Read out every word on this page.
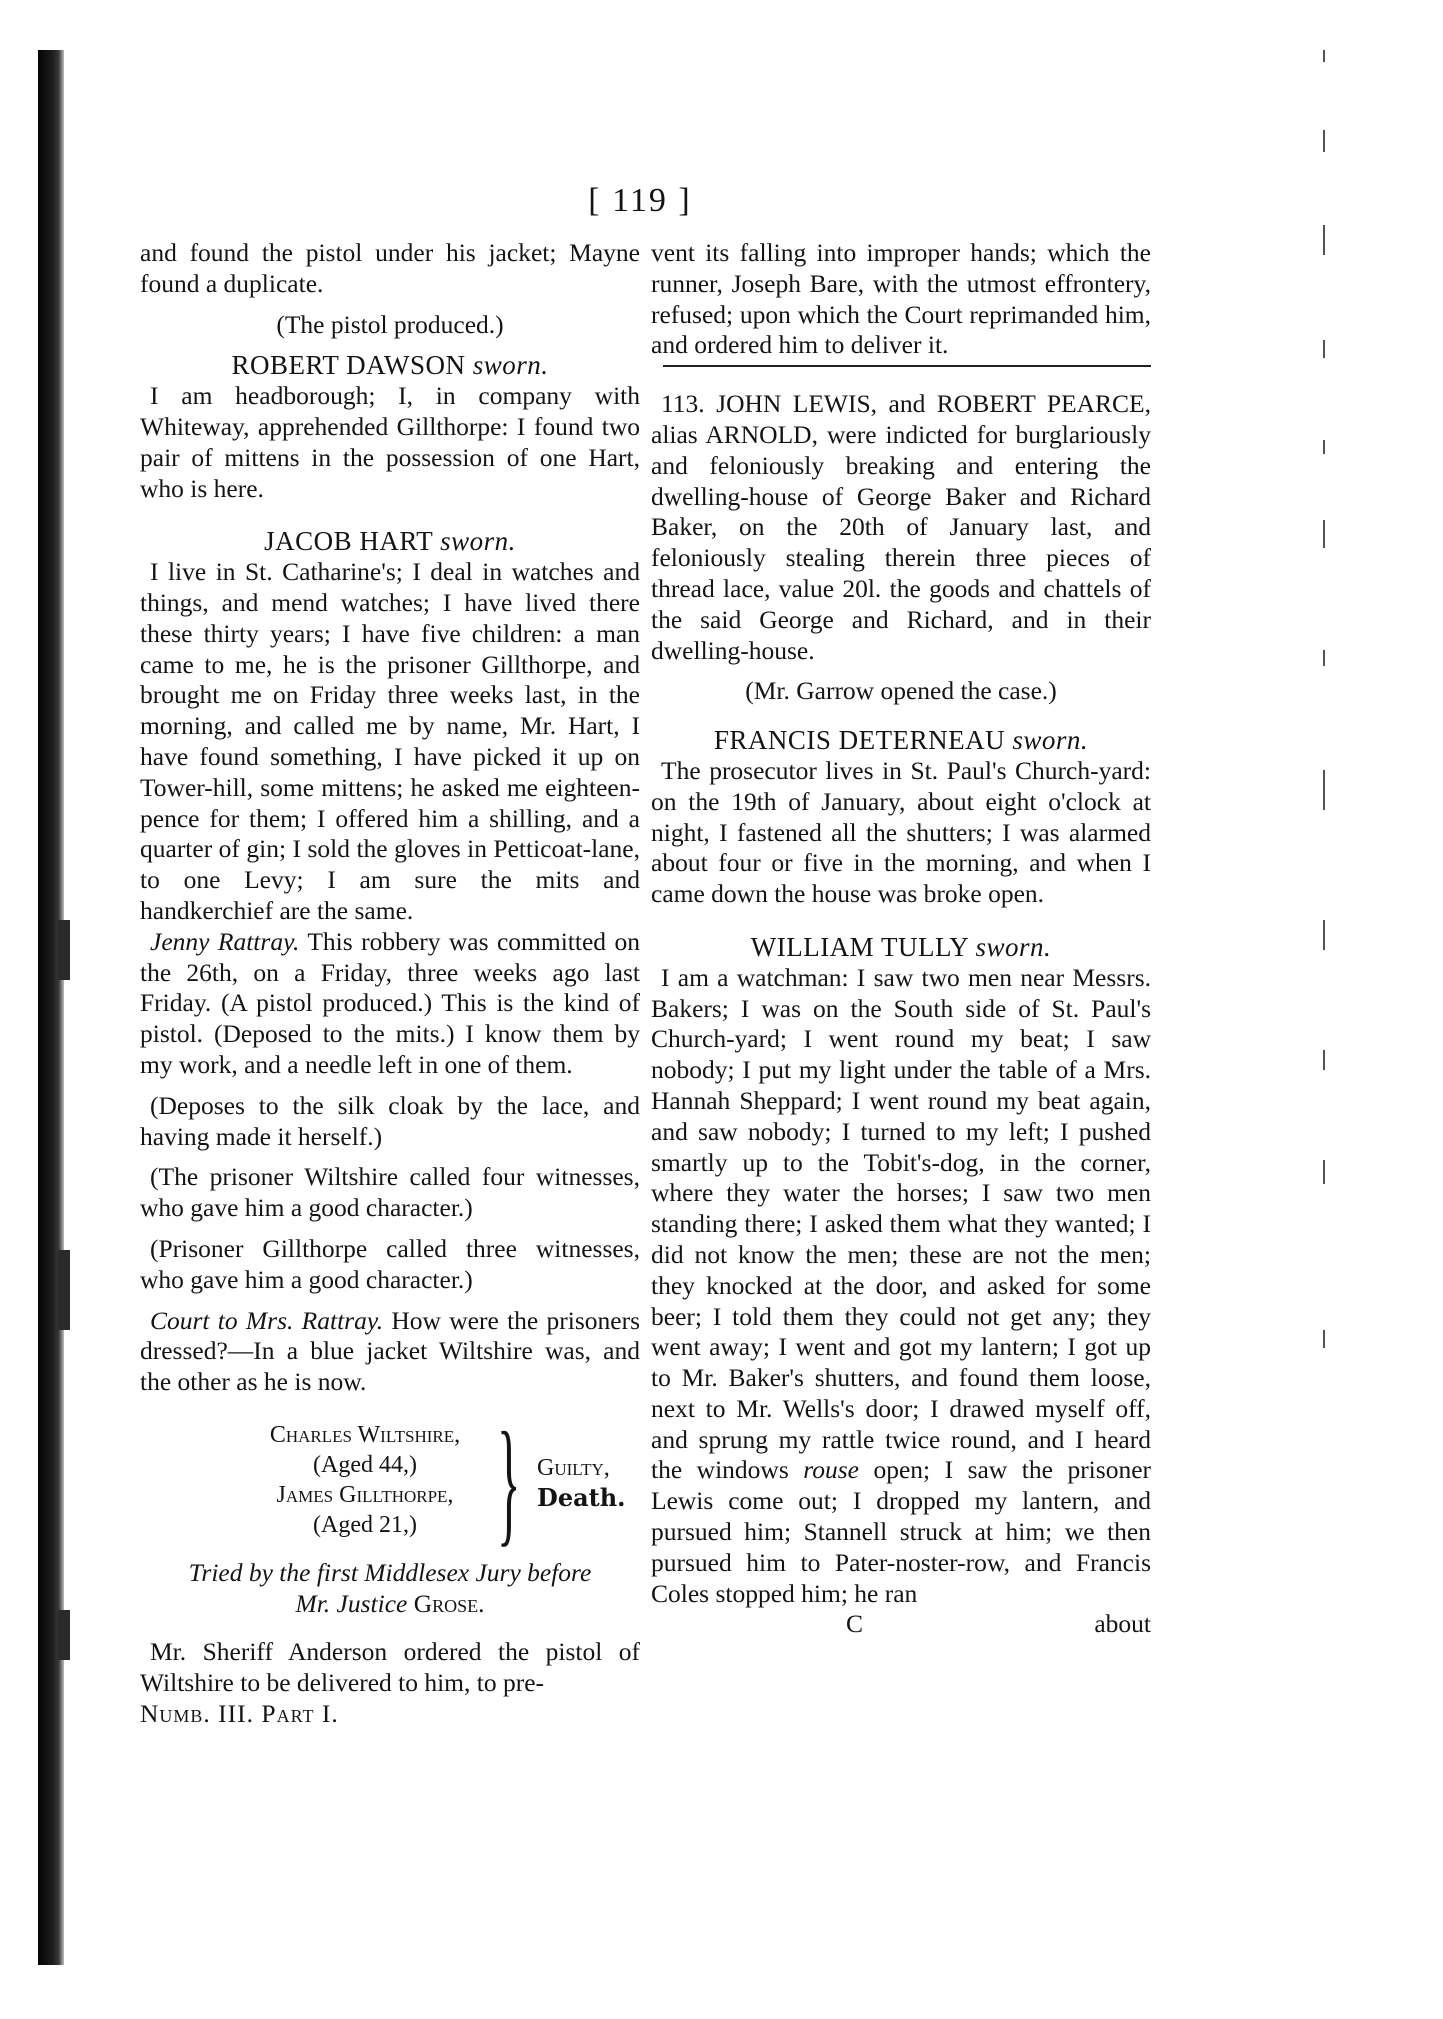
[ 119 ]

and found the pistol under his jacket; Mayne found a duplicate.

(The pistol produced.)

ROBERT DAWSON sworn.

I am headborough; I, in company with Whiteway, apprehended Gillthorpe: I found two pair of mittens in the possession of one Hart, who is here.

JACOB HART sworn.

I live in St. Catharine's; I deal in watches and things, and mend watches; I have lived there these thirty years; I have five children: a man came to me, he is the prisoner Gillthorpe, and brought me on Friday three weeks last, in the morning, and called me by name, Mr. Hart, I have found something, I have picked it up on Tower-hill, some mittens; he asked me eighteen-pence for them; I offered him a shilling, and a quarter of gin; I sold the gloves in Petticoat-lane, to one Levy; I am sure the mits and handkerchief are the same.

Jenny Rattray. This robbery was committed on the 26th, on a Friday, three weeks ago last Friday. (A pistol produced.) This is the kind of pistol. (Deposed to the mits.) I know them by my work, and a needle left in one of them.

(Deposes to the silk cloak by the lace, and having made it herself.)

(The prisoner Wiltshire called four witnesses, who gave him a good character.)

(Prisoner Gillthorpe called three witnesses, who gave him a good character.)

Court to Mrs. Rattray. How were the prisoners dressed?—In a blue jacket Wiltshire was, and the other as he is now.

Charles Wiltshire,
(Aged 44,)
James Gillthorpe,
(Aged 21,) } Guilty,
Death.

Tried by the first Middlesex Jury before

Mr. Justice Grose.

Mr. Sheriff Anderson ordered the pistol of Wiltshire to be delivered to him, to pre-

Numb. III. Part I.

vent its falling into improper hands; which the runner, Joseph Bare, with the utmost effrontery, refused; upon which the Court reprimanded him, and ordered him to deliver it.

113. JOHN LEWIS, and ROBERT PEARCE, alias ARNOLD, were indicted for burglariously and feloniously breaking and entering the dwelling-house of George Baker and Richard Baker, on the 20th of January last, and feloniously stealing therein three pieces of thread lace, value 20l. the goods and chattels of the said George and Richard, and in their dwelling-house.

(Mr. Garrow opened the case.)

FRANCIS DETERNEAU sworn.

The prosecutor lives in St. Paul's Church-yard: on the 19th of January, about eight o'clock at night, I fastened all the shutters; I was alarmed about four or five in the morning, and when I came down the house was broke open.

WILLIAM TULLY sworn.

I am a watchman: I saw two men near Messrs. Bakers; I was on the South side of St. Paul's Church-yard; I went round my beat; I saw nobody; I put my light under the table of a Mrs. Hannah Sheppard; I went round my beat again, and saw nobody; I turned to my left; I pushed smartly up to the Tobit's-dog, in the corner, where they water the horses; I saw two men standing there; I asked them what they wanted; I did not know the men; these are not the men; they knocked at the door, and asked for some beer; I told them they could not get any; they went away; I went and got my lantern; I got up to Mr. Baker's shutters, and found them loose, next to Mr. Wells's door; I drawed myself off, and sprung my rattle twice round, and I heard the windows rouse open; I saw the prisoner Lewis come out; I dropped my lantern, and pursued him; Stannell struck at him; we then pursued him to Pater-noster-row, and Francis Coles stopped him; he ran

C	about
